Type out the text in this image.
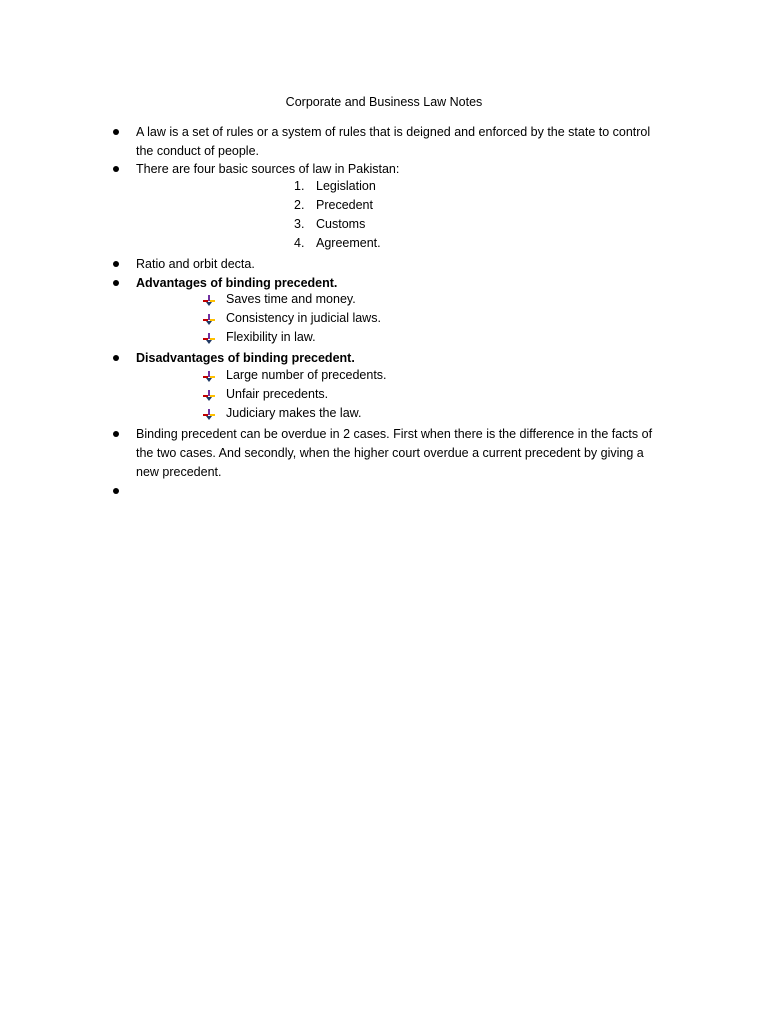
Corporate and Business Law Notes
A law is a set of rules or a system of rules that is deigned and enforced by the state to control the conduct of people.
There are four basic sources of law in Pakistan:
1. Legislation
2. Precedent
3. Customs
4. Agreement.
Ratio and orbit decta.
Advantages of binding precedent.
Saves time and money.
Consistency in judicial laws.
Flexibility in law.
Disadvantages of binding precedent.
Large number of precedents.
Unfair precedents.
Judiciary makes the law.
Binding precedent can be overdue in 2 cases. First when there is the difference in the facts of the two cases. And secondly, when the higher court overdue a current precedent by giving a new precedent.
